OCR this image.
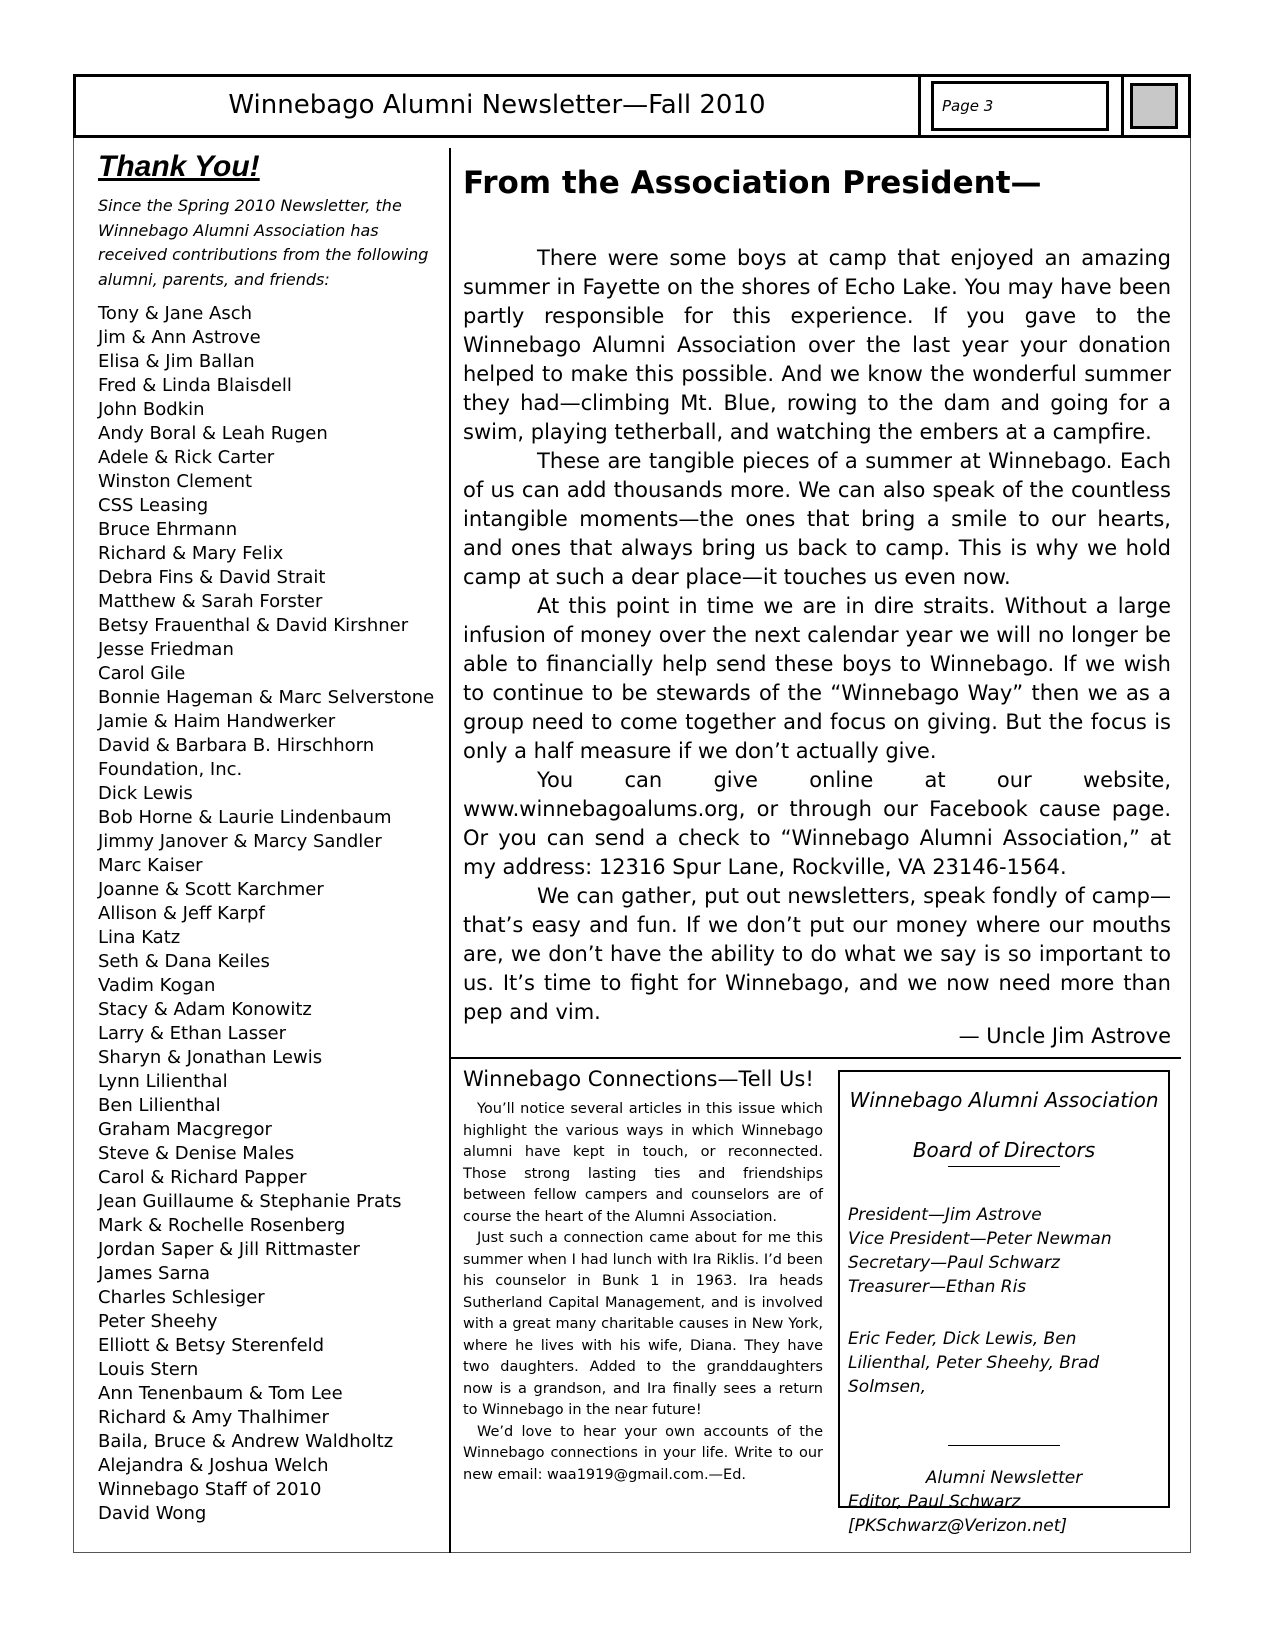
Winnebago Alumni Newsletter—Fall 2010	Page 3
Thank You!

Since the Spring 2010 Newsletter, the Winnebago Alumni Association has received contributions from the following alumni, parents, and friends:

Tony & Jane Asch
Jim & Ann Astrove
Elisa & Jim Ballan
Fred & Linda Blaisdell
John Bodkin
Andy Boral & Leah Rugen
Adele & Rick Carter
Winston Clement
CSS Leasing
Bruce Ehrmann
Richard & Mary Felix
Debra Fins & David Strait
Matthew & Sarah Forster
Betsy Frauenthal & David Kirshner
Jesse Friedman
Carol Gile
Bonnie Hageman & Marc Selverstone
Jamie & Haim Handwerker
David & Barbara B. Hirschhorn Foundation, Inc.
Dick Lewis
Bob Horne & Laurie Lindenbaum
Jimmy Janover & Marcy Sandler
Marc Kaiser
Joanne & Scott Karchmer
Allison & Jeff Karpf
Lina Katz
Seth & Dana Keiles
Vadim Kogan
Stacy & Adam Konowitz
Larry & Ethan Lasser
Sharyn & Jonathan Lewis
Lynn Lilienthal
Ben Lilienthal
Graham Macgregor
Steve & Denise Males
Carol & Richard Papper
Jean Guillaume & Stephanie Prats
Mark & Rochelle Rosenberg
Jordan Saper & Jill Rittmaster
James Sarna
Charles Schlesiger
Peter Sheehy
Elliott & Betsy Sterenfeld
Louis Stern
Ann Tenenbaum & Tom Lee
Richard & Amy Thalhimer
Baila, Bruce & Andrew Waldholtz
Alejandra & Joshua Welch
Winnebago Staff of 2010
David Wong
From the Association President—

There were some boys at camp that enjoyed an amazing summer in Fayette on the shores of Echo Lake. You may have been partly responsible for this experience. If you gave to the Winnebago Alumni Association over the last year your donation helped to make this possible. And we know the wonderful summer they had—climbing Mt. Blue, rowing to the dam and going for a swim, playing tetherball, and watching the embers at a campfire.

These are tangible pieces of a summer at Winnebago. Each of us can add thousands more. We can also speak of the countless intangible moments—the ones that bring a smile to our hearts, and ones that always bring us back to camp. This is why we hold camp at such a dear place—it touches us even now.

At this point in time we are in dire straits. Without a large infusion of money over the next calendar year we will no longer be able to financially help send these boys to Winnebago. If we wish to continue to be stewards of the “Winnebago Way” then we as a group need to come together and focus on giving. But the focus is only a half measure if we don’t actually give.

You can give online at our website, www.winnebagoalums.org, or through our Facebook cause page. Or you can send a check to “Winnebago Alumni Association,” at my address: 12316 Spur Lane, Rockville, VA 23146-1564.

We can gather, put out newsletters, speak fondly of camp—that’s easy and fun. If we don’t put our money where our mouths are, we don’t have the ability to do what we say is so important to us. It’s time to fight for Winnebago, and we now need more than pep and vim.

— Uncle Jim Astrove
Winnebago Connections—Tell Us!

You’ll notice several articles in this issue which highlight the various ways in which Winnebago alumni have kept in touch, or reconnected. Those strong lasting ties and friendships between fellow campers and counselors are of course the heart of the Alumni Association.

Just such a connection came about for me this summer when I had lunch with Ira Riklis. I’d been his counselor in Bunk 1 in 1963. Ira heads Sutherland Capital Management, and is involved with a great many charitable causes in New York, where he lives with his wife, Diana. They have two daughters. Added to the granddaughters now is a grandson, and Ira finally sees a return to Winnebago in the near future!

We’d love to hear your own accounts of the Winnebago connections in your life. Write to our new email: waa1919@gmail.com.—Ed.

Winnebago Alumni Association
Board of Directors
President—Jim Astrove
Vice President—Peter Newman
Secretary—Paul Schwarz
Treasurer—Ethan Ris
Eric Feder, Dick Lewis, Ben Lilienthal, Peter Sheehy, Brad Solmsen,
Alumni Newsletter
Editor, Paul Schwarz
[PKSchwarz@Verizon.net]
